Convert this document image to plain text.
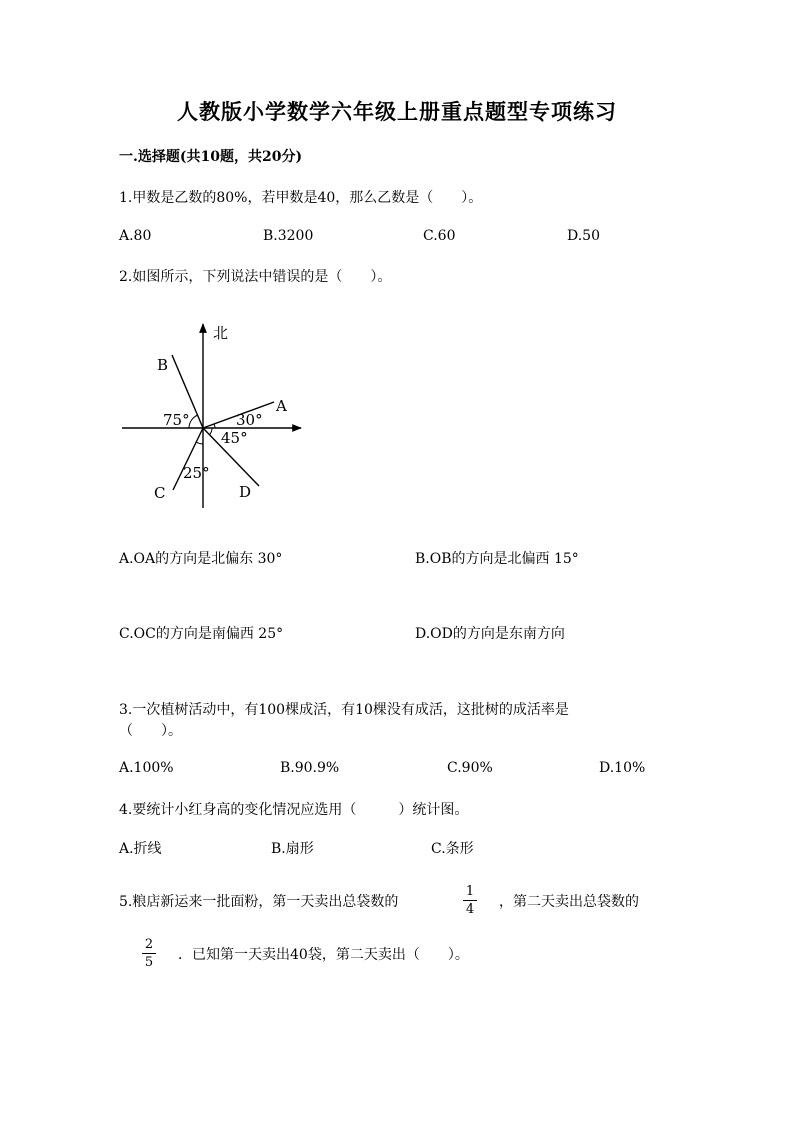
人教版小学数学六年级上册重点题型专项练习
一.选择题(共10题，共20分)
1.甲数是乙数的80%，若甲数是40，那么乙数是（　　）。
A.80	B.3200	C.60	D.50
2.如图所示，下列说法中错误的是（　　）。
北
B
A
C	D
75°	30°
45°
25°
A.OA的方向是北偏东 30°	B.OB的方向是北偏西 15°
C.OC的方向是南偏西 25°	D.OD的方向是东南方向
3.一次植树活动中，有100棵成活，有10棵没有成活，这批树的成活率是
（　　）。
A.100%	B.90.9%	C.90%	D.10%
4.要统计小红身高的变化情况应选用（　　　）统计图。
A.折线	B.扇形	C.条形
5.粮店新运来一批面粉，第一天卖出总袋数的
1
4 ，第二天卖出总袋数的
2
5 ．已知第一天卖出40袋，第二天卖出（　　）。
